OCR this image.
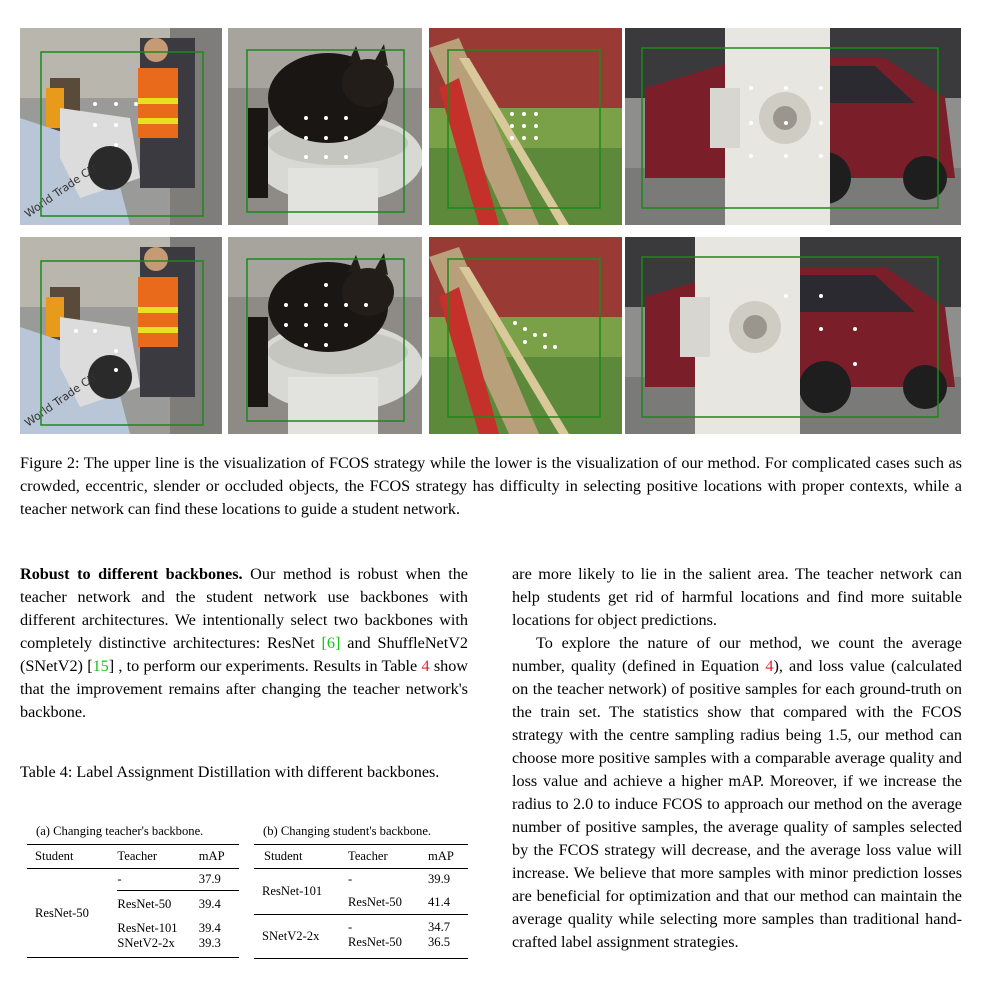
World Trade Ctr
World Trade Ctr
Figure 2: The upper line is the visualization of FCOS strategy while the lower is the visualization of our method. For complicated cases such as crowded, eccentric, slender or occluded objects, the FCOS strategy has difficulty in selecting positive locations with proper contexts, while a teacher network can find these locations to guide a student network.

Robust to different backbones. Our method is robust when the teacher network and the student network use backbones with different architectures. We intentionally select two backbones with completely distinctive architectures: ResNet [6] and ShuffleNetV2 (SNetV2) [15] , to perform our experiments. Results in Table 4 show that the improvement remains after changing the teacher network's backbone.

Table 4: Label Assignment Distillation with different backbones.
(a) Changing teacher's backbone.
Student	Teacher	mAP
ResNet-50	-	37.9
	ResNet-50	39.4
	ResNet-101	39.4
	SNetV2-2x	39.3
(b) Changing student's backbone.
Student	Teacher	mAP
ResNet-101	-	39.9
	ResNet-50	41.4
SNetV2-2x	-	34.7
	ResNet-50	36.5

are more likely to lie in the salient area. The teacher network can help students get rid of harmful locations and find more suitable locations for object predictions.

To explore the nature of our method, we count the average number, quality (defined in Equation 4), and loss value (calculated on the teacher network) of positive samples for each ground-truth on the train set. The statistics show that compared with the FCOS strategy with the centre sampling radius being 1.5, our method can choose more positive samples with a comparable average quality and loss value and achieve a higher mAP. Moreover, if we increase the radius to 2.0 to induce FCOS to approach our method on the average number of positive samples, the average quality of samples selected by the FCOS strategy will decrease, and the average loss value will increase. We believe that more samples with minor prediction losses are beneficial for optimization and that our method can maintain the average quality while selecting more samples than traditional hand-crafted label assignment strategies.
